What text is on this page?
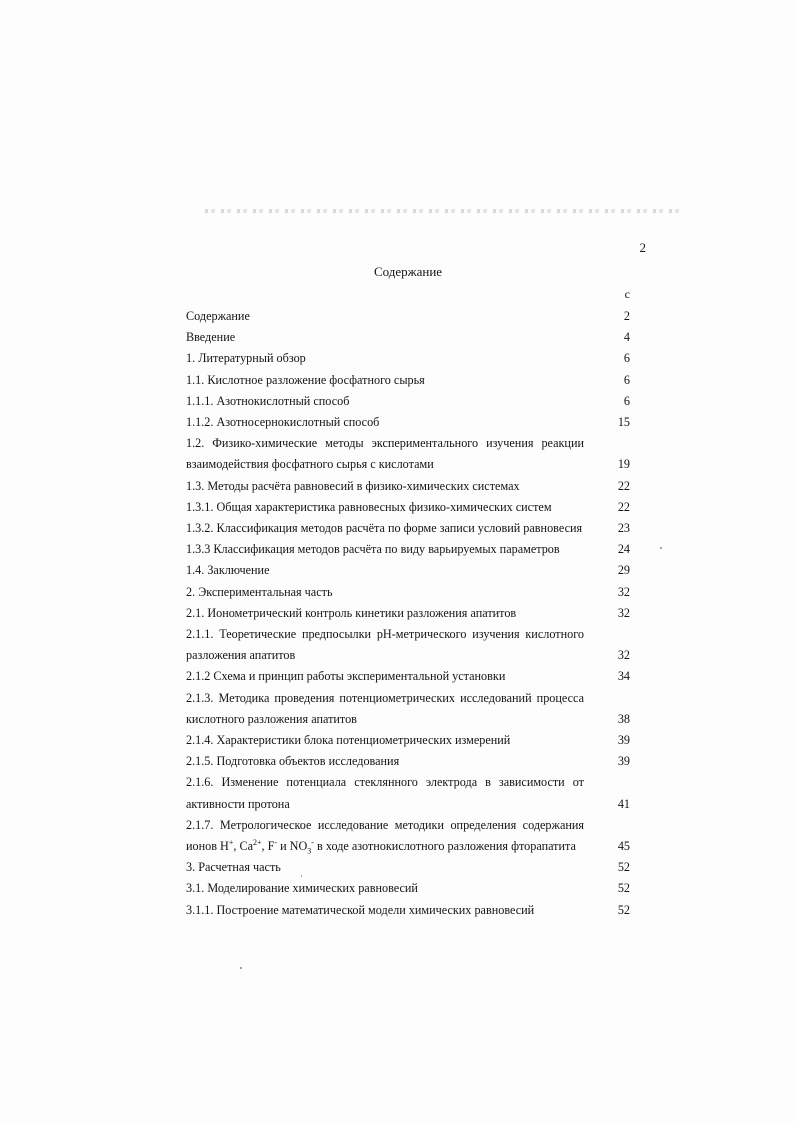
2
Содержание
с
Содержание	2
Введение	4
1. Литературный обзор	6
1.1. Кислотное разложение фосфатного сырья	6
1.1.1. Азотнокислотный способ	6
1.1.2. Азотносернокислотный способ	15
1.2. Физико-химические методы экспериментального изучения реакции взаимодействия фосфатного сырья с кислотами	19
1.3. Методы расчёта равновесий в физико-химических системах	22
1.3.1. Общая характеристика равновесных физико-химических систем	22
1.3.2. Классификация методов расчёта по форме записи условий равновесия	23
1.3.3 Классификация методов расчёта по виду варьируемых параметров	24
1.4. Заключение	29
2. Экспериментальная часть	32
2.1. Ионометрический контроль кинетики разложения апатитов	32
2.1.1. Теоретические предпосылки рН-метрического изучения кислотного разложения апатитов	32
2.1.2 Схема и принцип работы экспериментальной установки	34
2.1.3. Методика проведения потенциометрических исследований процесса кислотного разложения апатитов	38
2.1.4. Характеристики блока потенциометрических измерений	39
2.1.5. Подготовка объектов исследования	39
2.1.6. Изменение потенциала стеклянного электрода в зависимости от активности протона	41
2.1.7. Метрологическое исследование методики определения содержания ионов H+, $Ca^{2+}$, F- и $NO_3^-$ в ходе азотнокислотного разложения фторапатита	45
3. Расчетная часть	52
3.1. Моделирование химических равновесий	52
3.1.1. Построение математической модели химических равновесий	52
